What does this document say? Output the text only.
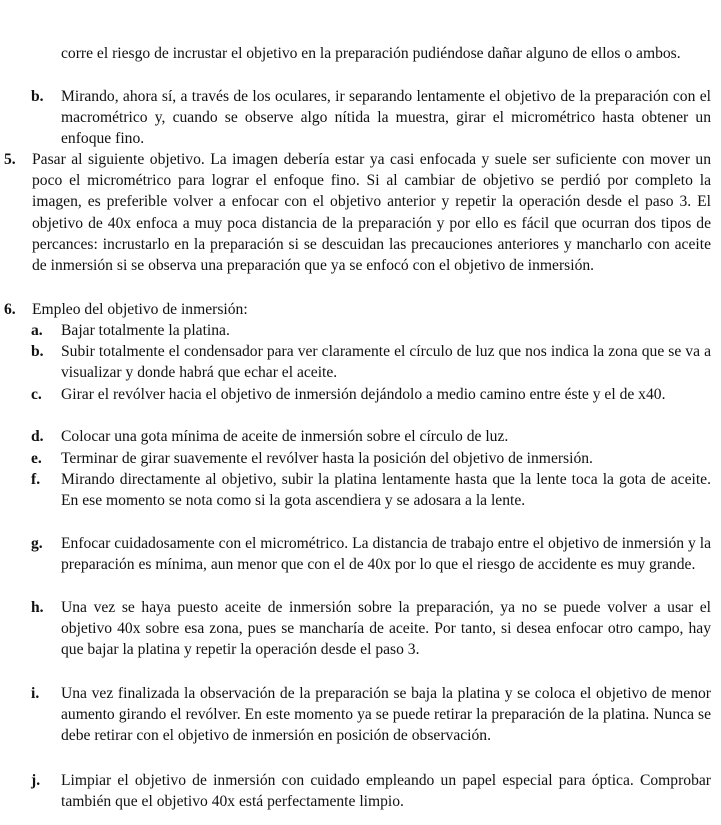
corre el riesgo de incrustar el objetivo en la preparación pudiéndose dañar alguno de ellos o ambos.
b. Mirando, ahora sí, a través de los oculares, ir separando lentamente el objetivo de la preparación con el macrométrico y, cuando se observe algo nítida la muestra, girar el micrométrico hasta obtener un enfoque fino.
5. Pasar al siguiente objetivo. La imagen debería estar ya casi enfocada y suele ser suficiente con mover un poco el micrométrico para lograr el enfoque fino. Si al cambiar de objetivo se perdió por completo la imagen, es preferible volver a enfocar con el objetivo anterior y repetir la operación desde el paso 3. El objetivo de 40x enfoca a muy poca distancia de la preparación y por ello es fácil que ocurran dos tipos de percances: incrustarlo en la preparación si se descuidan las precauciones anteriores y mancharlo con aceite de inmersión si se observa una preparación que ya se enfocó con el objetivo de inmersión.
6. Empleo del objetivo de inmersión:
a. Bajar totalmente la platina.
b. Subir totalmente el condensador para ver claramente el círculo de luz que nos indica la zona que se va a visualizar y donde habrá que echar el aceite.
c. Girar el revólver hacia el objetivo de inmersión dejándolo a medio camino entre éste y el de x40.
d. Colocar una gota mínima de aceite de inmersión sobre el círculo de luz.
e. Terminar de girar suavemente el revólver hasta la posición del objetivo de inmersión.
f. Mirando directamente al objetivo, subir la platina lentamente hasta que la lente toca la gota de aceite. En ese momento se nota como si la gota ascendiera y se adosara a la lente.
g. Enfocar cuidadosamente con el micrométrico. La distancia de trabajo entre el objetivo de inmersión y la preparación es mínima, aun menor que con el de 40x por lo que el riesgo de accidente es muy grande.
h. Una vez se haya puesto aceite de inmersión sobre la preparación, ya no se puede volver a usar el objetivo 40x sobre esa zona, pues se mancharía de aceite. Por tanto, si desea enfocar otro campo, hay que bajar la platina y repetir la operación desde el paso 3.
i. Una vez finalizada la observación de la preparación se baja la platina y se coloca el objetivo de menor aumento girando el revólver. En este momento ya se puede retirar la preparación de la platina. Nunca se debe retirar con el objetivo de inmersión en posición de observación.
j. Limpiar el objetivo de inmersión con cuidado empleando un papel especial para óptica. Comprobar también que el objetivo 40x está perfectamente limpio.
